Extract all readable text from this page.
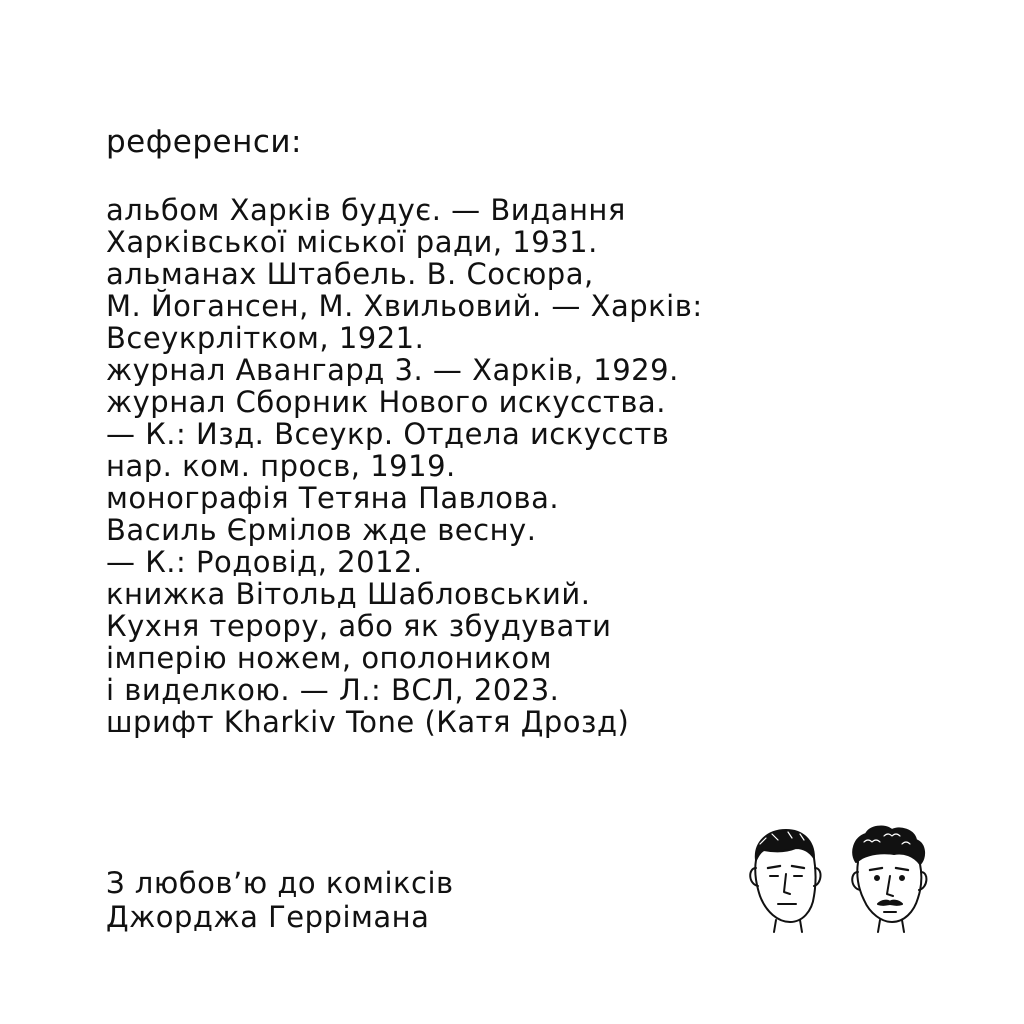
референси:
альбом Харків будує. — Видання
Харківської міської ради, 1931.
альманах Штабель. В. Сосюра,
М. Йогансен, М. Хвильовий. — Харків:
Всеукрлітком, 1921.
журнал Авангард 3. — Харків, 1929.
журнал Сборник Нового искусства.
— К.: Изд. Всеукр. Отдела искусств
нар. ком. просв, 1919.
монографія Тетяна Павлова.
Василь Єрмілов жде весну.
— К.: Родовід, 2012.
книжка Вітольд Шабловський.
Кухня терору, або як збудувати
імперію ножем, ополоником
і виделкою. — Л.: ВСЛ, 2023.
шрифт Kharkiv Tone (Катя Дрозд)
З любов’ю до коміксів
Джорджа Геррімана
